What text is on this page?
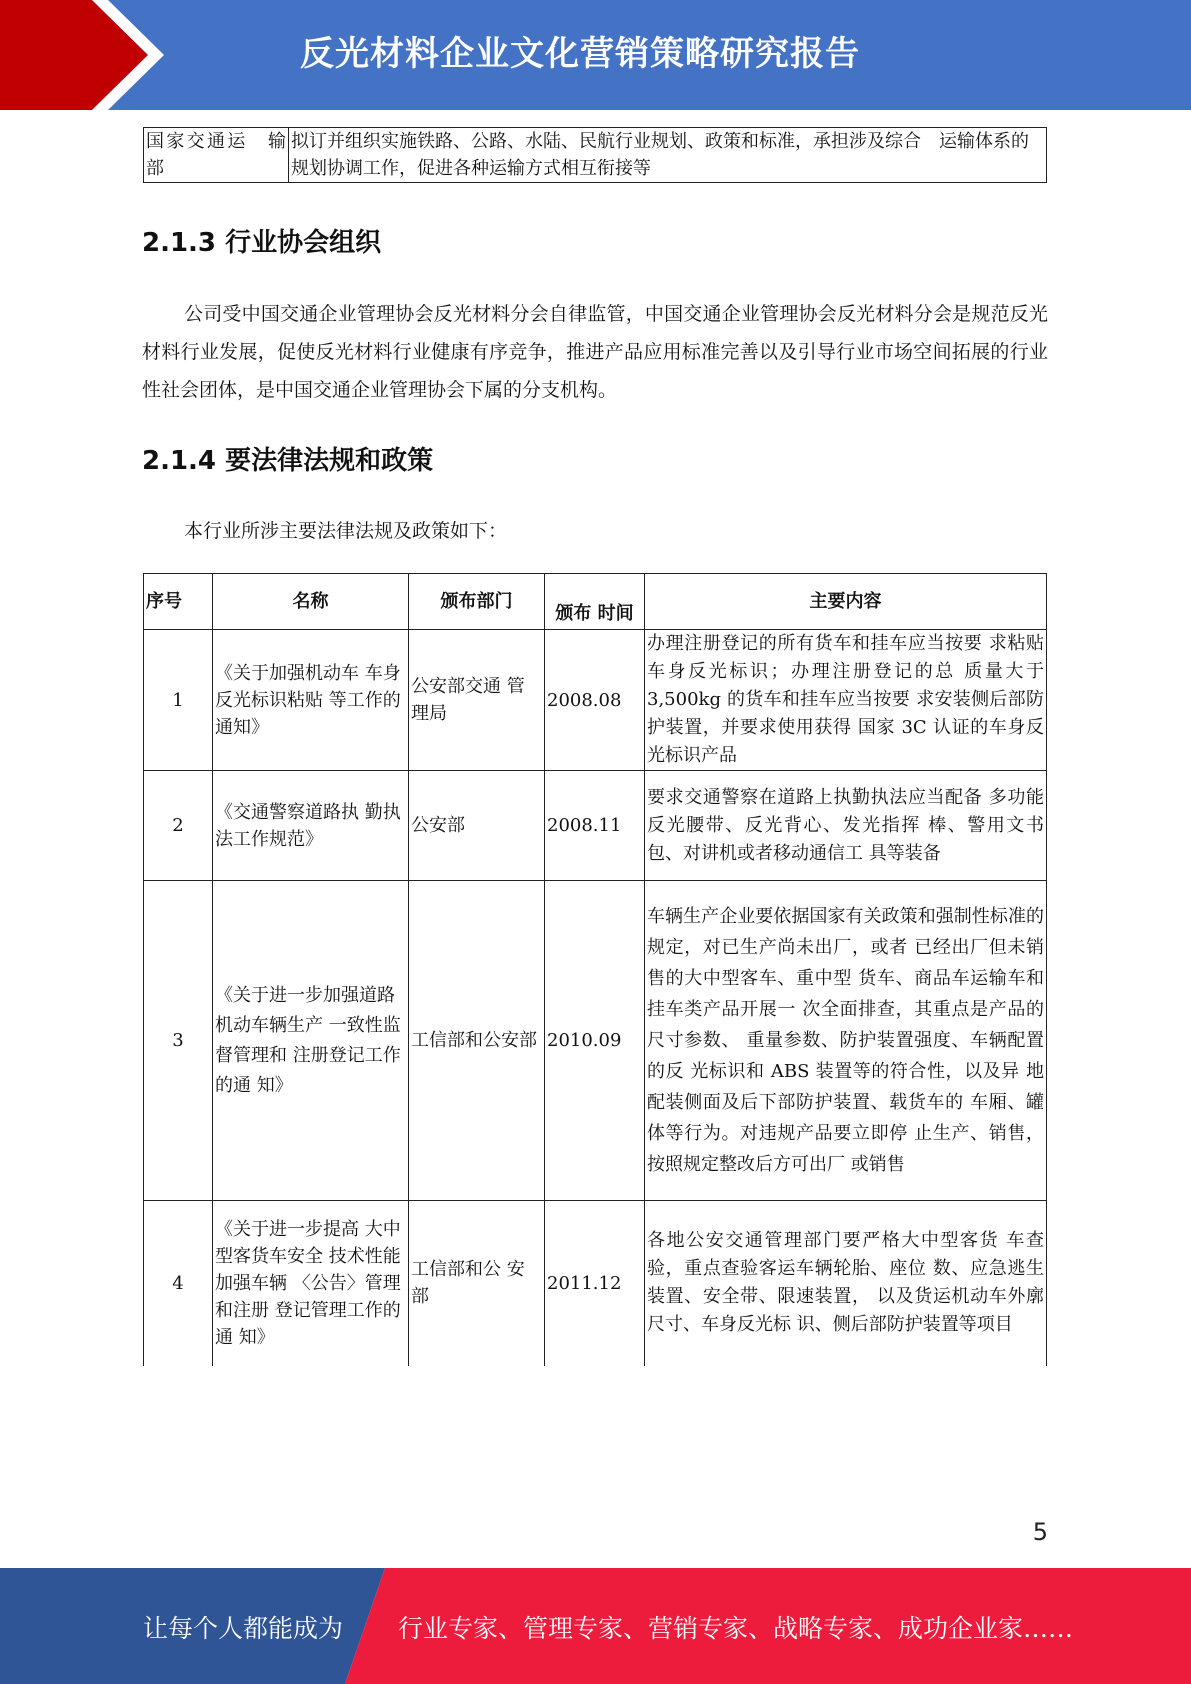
反光材料企业文化营销策略研究报告
国家交通运　输部	拟订并组织实施铁路、公路、水陆、民航行业规划、政策和标准，承担涉及综合　运输体系的规划协调工作，促进各种运输方式相互衔接等
2.1.3 行业协会组织
公司受中国交通企业管理协会反光材料分会自律监管，中国交通企业管理协会反光材料分会是规范反光材料行业发展，促使反光材料行业健康有序竞争，推进产品应用标准完善以及引导行业市场空间拓展的行业性社会团体，是中国交通企业管理协会下属的分支机构。
2.1.4 要法律法规和政策
本行业所涉主要法律法规及政策如下：
序号	名称	颁布部门	颁布 时间	主要内容
1	《关于加强机动车 车身反光标识粘贴 等工作的通知》	公安部交通 管理局	2008.08	办理注册登记的所有货车和挂车应当按要 求粘贴车身反光标识；办理注册登记的总 质量大于 3,500kg 的货车和挂车应当按要 求安装侧后部防护装置，并要求使用获得 国家 3C 认证的车身反光标识产品
2	《交通警察道路执 勤执法工作规范》	公安部	2008.11	要求交通警察在道路上执勤执法应当配备 多功能反光腰带、反光背心、发光指挥 棒、警用文书包、对讲机或者移动通信工 具等装备
3	《关于进一步加强道路机动车辆生产 一致性监督管理和 注册登记工作的通 知》	工信部和公安部	2010.09	车辆生产企业要依据国家有关政策和强制性标准的规定，对已生产尚未出厂，或者 已经出厂但未销售的大中型客车、重中型 货车、商品车运输车和挂车类产品开展一 次全面排查，其重点是产品的尺寸参数、 重量参数、防护装置强度、车辆配置的反 光标识和 ABS 装置等的符合性，以及异 地配装侧面及后下部防护装置、载货车的 车厢、罐体等行为。对违规产品要立即停 止生产、销售，按照规定整改后方可出厂 或销售
4	《关于进一步提高 大中型客货车安全 技术性能加强车辆 〈公告〉管理和注册 登记管理工作的通 知》	工信部和公 安部	2011.12	各地公安交通管理部门要严格大中型客货 车查验，重点查验客运车辆轮胎、座位 数、应急逃生装置、安全带、限速装置， 以及货运机动车外廓尺寸、车身反光标 识、侧后部防护装置等项目
5
让每个人都能成为 行业专家、管理专家、营销专家、战略专家、成功企业家……
